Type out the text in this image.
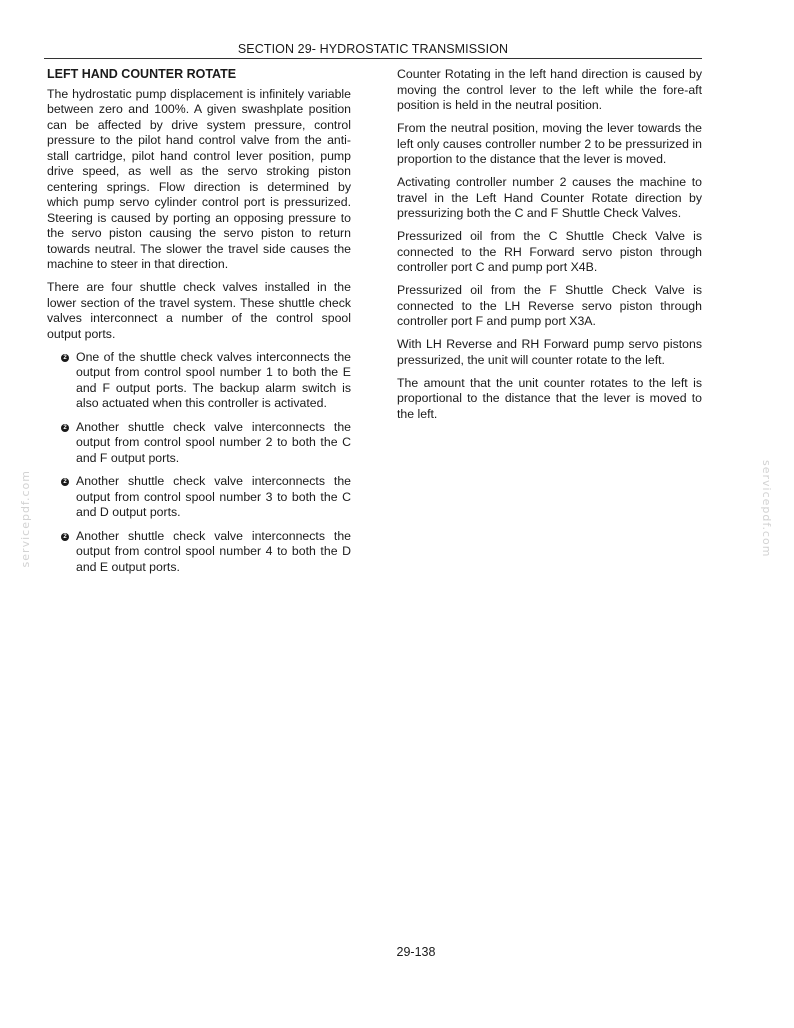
SECTION 29- HYDROSTATIC TRANSMISSION
LEFT HAND COUNTER ROTATE

The hydrostatic pump displacement is infinitely variable between zero and 100%. A given swashplate position can be affected by drive system pressure, control pressure to the pilot hand control valve from the anti-stall cartridge, pilot hand control lever position, pump drive speed, as well as the servo stroking piston centering springs. Flow direction is determined by which pump servo cylinder control port is pressurized. Steering is caused by porting an opposing pressure to the servo piston causing the servo piston to return towards neutral. The slower the travel side causes the machine to steer in that direction.

There are four shuttle check valves installed in the lower section of the travel system. These shuttle check valves interconnect a number of the control spool output ports.

2 One of the shuttle check valves interconnects the output from control spool number 1 to both the E and F output ports. The backup alarm switch is also actuated when this controller is activated.
2 Another shuttle check valve interconnects the output from control spool number 2 to both the C and F output ports.
2 Another shuttle check valve interconnects the output from control spool number 3 to both the C and D output ports.
2 Another shuttle check valve interconnects the output from control spool number 4 to both the D and E output ports.

Counter Rotating in the left hand direction is caused by moving the control lever to the left while the fore-aft position is held in the neutral position.

From the neutral position, moving the lever towards the left only causes controller number 2 to be pressurized in proportion to the distance that the lever is moved.

Activating controller number 2 causes the machine to travel in the Left Hand Counter Rotate direction by pressurizing both the C and F Shuttle Check Valves.

Pressurized oil from the C Shuttle Check Valve is connected to the RH Forward servo piston through controller port C and pump port X4B.

Pressurized oil from the F Shuttle Check Valve is connected to the LH Reverse servo piston through controller port F and pump port X3A.

With LH Reverse and RH Forward pump servo pistons pressurized, the unit will counter rotate to the left.

The amount that the unit counter rotates to the left is proportional to the distance that the lever is moved to the left.

servicepdf.com	servicepdf.com
29-138
